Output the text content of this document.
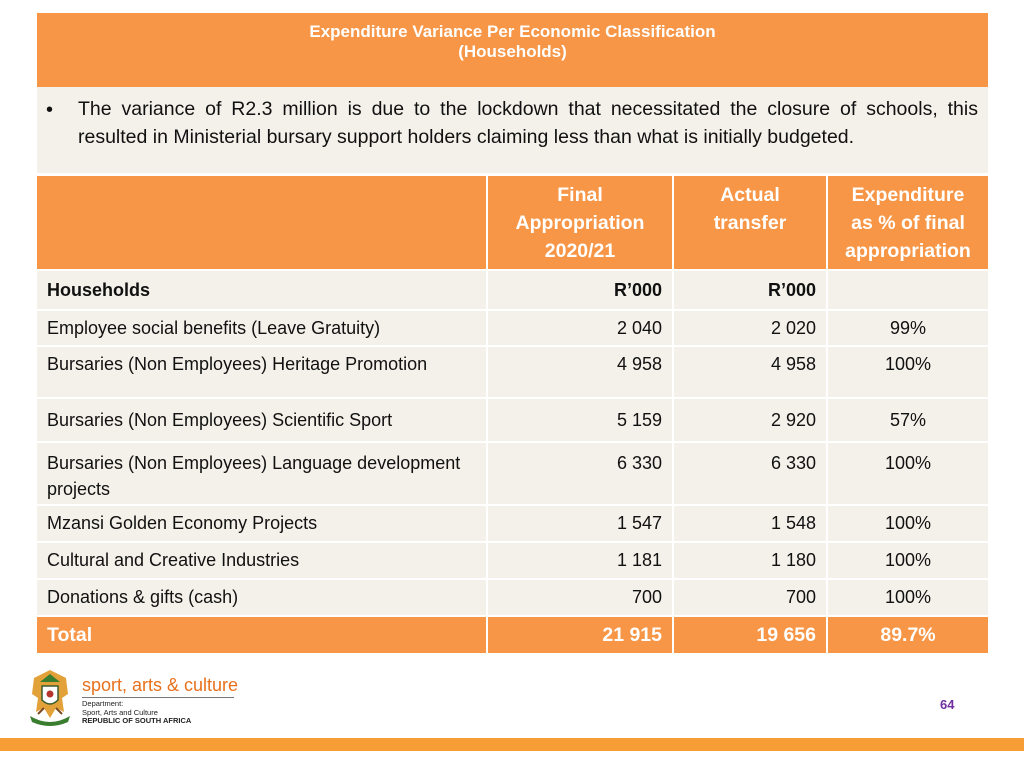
Expenditure Variance Per Economic Classification
(Households)
• The variance of R2.3 million is due to the lockdown that necessitated the closure of schools, this resulted in Ministerial bursary support holders claiming less than what is initially budgeted.

	Final
Appropriation
2020/21	Actual
transfer	Expenditure
as % of final
appropriation

Households	R’000	R’000	
Employee social benefits (Leave Gratuity)	2 040	2 020	99%
Bursaries (Non Employees) Heritage Promotion	4 958	4 958	100%
Bursaries (Non Employees) Scientific Sport	5 159	2 920	57%
Bursaries (Non Employees) Language development projects	6 330	6 330	100%
Mzansi Golden Economy Projects	1 547	1 548	100%
Cultural and Creative Industries	1 181	1 180	100%
Donations & gifts (cash)	700	700	100%
Total	21 915	19 656	89.7%
sport, arts & culture
Department:
Sport, Arts and Culture
REPUBLIC OF SOUTH AFRICA
64
